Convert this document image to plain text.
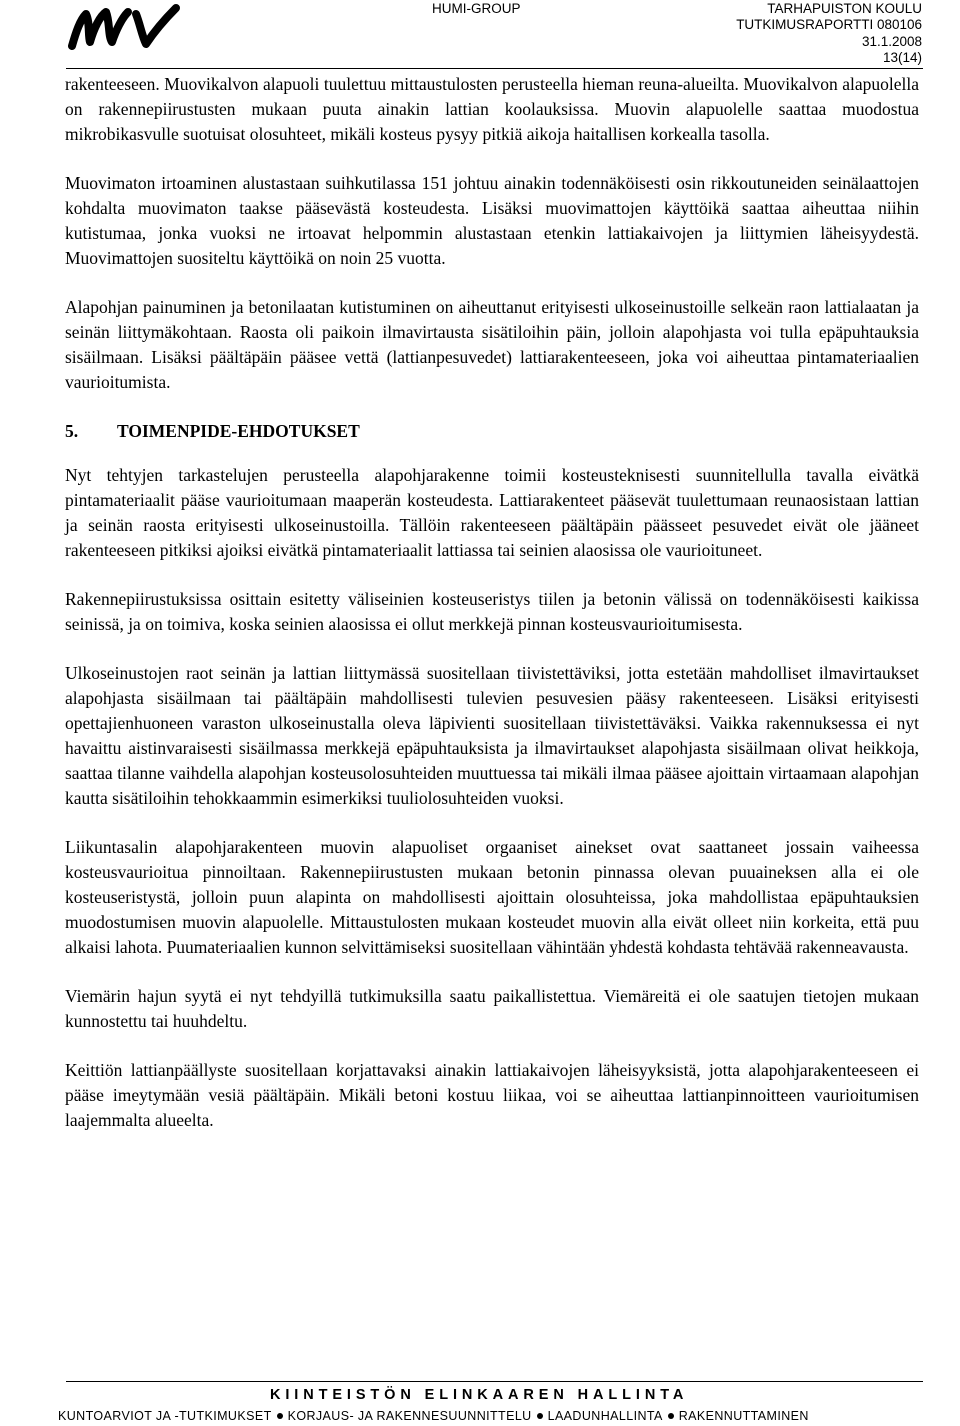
HUMI-GROUP	TARHAPUISTON KOULU
TUTKIMUSRAPORTTI 080106
31.1.2008
13(14)

rakenteeseen. Muovikalvon alapuoli tuulettuu mittaustulosten perusteella hieman reuna-alueilta. Muovikalvon alapuolella on rakennepiirustusten mukaan puuta ainakin lattian koolauksissa. Muovin alapuolelle saattaa muodostua mikrobikasvulle suotuisat olosuhteet, mikäli kosteus pysyy pitkiä aikoja haitallisen korkealla tasolla.

Muovimaton irtoaminen alustastaan suihkutilassa 151 johtuu ainakin todennäköisesti osin rikkoutuneiden seinälaattojen kohdalta muovimaton taakse pääsevästä kosteudesta. Lisäksi muovimattojen käyttöikä saattaa aiheuttaa niihin kutistumaa, jonka vuoksi ne irtoavat helpommin alustastaan etenkin lattiakaivojen ja liittymien läheisyydestä. Muovimattojen suositeltu käyttöikä on noin 25 vuotta.

Alapohjan painuminen ja betonilaatan kutistuminen on aiheuttanut erityisesti ulkoseinustoille selkeän raon lattialaatan ja seinän liittymäkohtaan. Raosta oli paikoin ilmavirtausta sisätiloihin päin, jolloin alapohjasta voi tulla epäpuhtauksia sisäilmaan. Lisäksi päältäpäin pääsee vettä (lattianpesuvedet) lattiarakenteeseen, joka voi aiheuttaa pintamateriaalien vaurioitumista.

5. TOIMENPIDE-EHDOTUKSET

Nyt tehtyjen tarkastelujen perusteella alapohjarakenne toimii kosteusteknisesti suunnitellulla tavalla eivätkä pintamateriaalit pääse vaurioitumaan maaperän kosteudesta. Lattiarakenteet pääsevät tuulettumaan reunaosistaan lattian ja seinän raosta erityisesti ulkoseinustoilla. Tällöin rakenteeseen päältäpäin päässeet pesuvedet eivät ole jääneet rakenteeseen pitkiksi ajoiksi eivätkä pintamateriaalit lattiassa tai seinien alaosissa ole vaurioituneet.

Rakennepiirustuksissa osittain esitetty väliseinien kosteuseristys tiilen ja betonin välissä on todennäköisesti kaikissa seinissä, ja on toimiva, koska seinien alaosissa ei ollut merkkejä pinnan kosteusvaurioitumisesta.

Ulkoseinustojen raot seinän ja lattian liittymässä suositellaan tiivistettäviksi, jotta estetään mahdolliset ilmavirtaukset alapohjasta sisäilmaan tai päältäpäin mahdollisesti tulevien pesuvesien pääsy rakenteeseen. Lisäksi erityisesti opettajienhuoneen varaston ulkoseinustalla oleva läpivienti suositellaan tiivistettäväksi. Vaikka rakennuksessa ei nyt havaittu aistinvaraisesti sisäilmassa merkkejä epäpuhtauksista ja ilmavirtaukset alapohjasta sisäilmaan olivat heikkoja, saattaa tilanne vaihdella alapohjan kosteusolosuhteiden muuttuessa tai mikäli ilmaa pääsee ajoittain virtaamaan alapohjan kautta sisätiloihin tehokkaammin esimerkiksi tuuliolosuhteiden vuoksi.

Liikuntasalin alapohjarakenteen muovin alapuoliset orgaaniset ainekset ovat saattaneet jossain vaiheessa kosteusvaurioitua pinnoiltaan. Rakennepiirustusten mukaan betonin pinnassa olevan puuaineksen alla ei ole kosteuseristystä, jolloin puun alapinta on mahdollisesti ajoittain olosuhteissa, joka mahdollistaa epäpuhtauksien muodostumisen muovin alapuolelle. Mittaustulosten mukaan kosteudet muovin alla eivät olleet niin korkeita, että puu alkaisi lahota. Puumateriaalien kunnon selvittämiseksi suositellaan vähintään yhdestä kohdasta tehtävää rakenneavausta.

Viemärin hajun syytä ei nyt tehdyillä tutkimuksilla saatu paikallistettua. Viemäreitä ei ole saatujen tietojen mukaan kunnostettu tai huuhdeltu.

Keittiön lattianpäällyste suositellaan korjattavaksi ainakin lattiakaivojen läheisyyksistä, jotta alapohjarakenteeseen ei pääse imeytymään vesiä päältäpäin. Mikäli betoni kostuu liikaa, voi se aiheuttaa lattianpinnoitteen vaurioitumisen laajemmalta alueelta.

KIINTEISTÖN ELINKAAREN HALLINTA
KUNTOARVIOT JA -TUTKIMUKSET KORJAUS- JA RAKENNESUUNNITTELU LAADUNHALLINTA RAKENNUTTAMINEN
